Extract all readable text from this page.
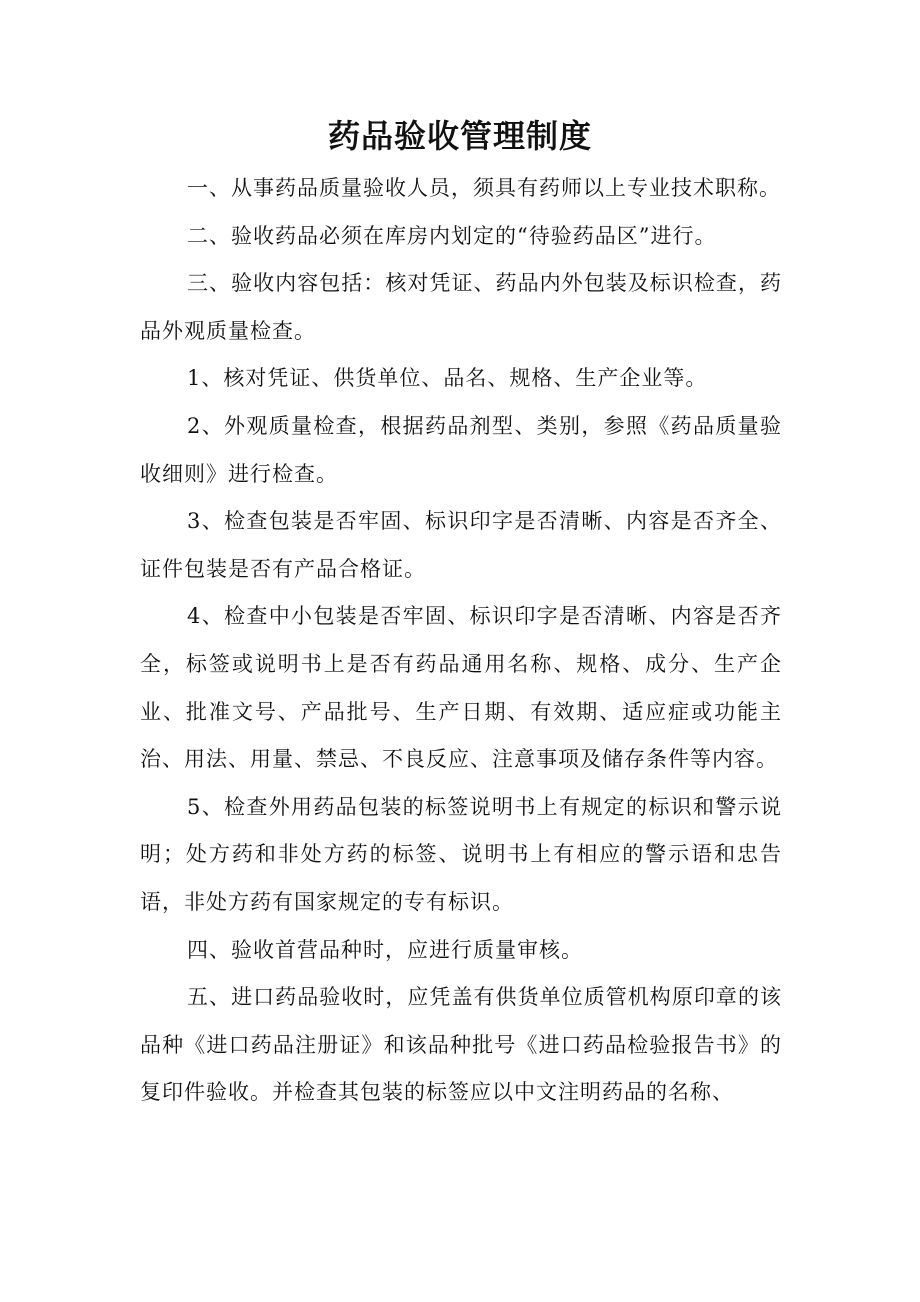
药品验收管理制度

一、从事药品质量验收人员，须具有药师以上专业技术职称。

二、验收药品必须在库房内划定的“待验药品区”进行。

三、验收内容包括：核对凭证、药品内外包装及标识检查，药品外观质量检查。

1、核对凭证、供货单位、品名、规格、生产企业等。

2、外观质量检查，根据药品剂型、类别，参照《药品质量验收细则》进行检查。

3、检查包装是否牢固、标识印字是否清晰、内容是否齐全、证件包装是否有产品合格证。

4、检查中小包装是否牢固、标识印字是否清晰、内容是否齐全，标签或说明书上是否有药品通用名称、规格、成分、生产企业、批准文号、产品批号、生产日期、有效期、适应症或功能主治、用法、用量、禁忌、不良反应、注意事项及储存条件等内容。

5、检查外用药品包装的标签说明书上有规定的标识和警示说明；处方药和非处方药的标签、说明书上有相应的警示语和忠告语，非处方药有国家规定的专有标识。

四、验收首营品种时，应进行质量审核。

五、进口药品验收时，应凭盖有供货单位质管机构原印章的该品种《进口药品注册证》和该品种批号《进口药品检验报告书》的复印件验收。并检查其包装的标签应以中文注明药品的名称、
